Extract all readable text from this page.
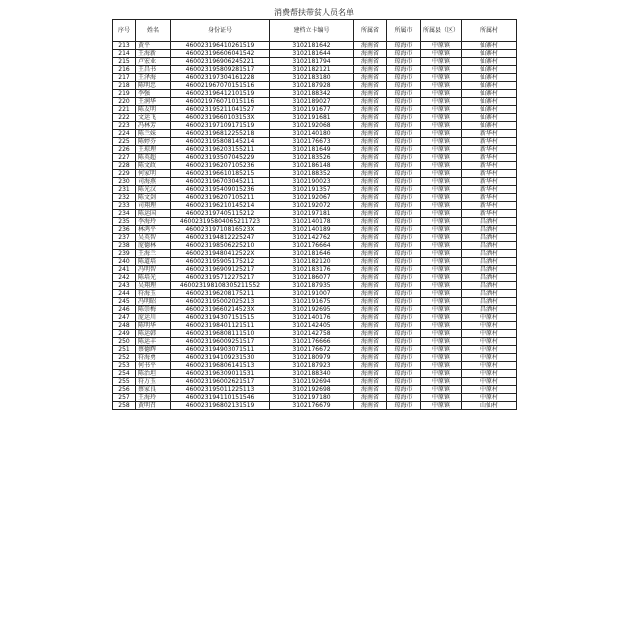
消费帮扶带贫人员名单
序号	姓名	身份证号	建档立卡编号	所属省	所属市	所属县（区）	所属村
213	黄平	460023196410261519	3102181642	海南省	琼海市	中原镇	仙寨村
214	王海新	460023196606041542	3102181644	海南省	琼海市	中原镇	仙寨村
215	卢宏业	460023196906245221	3102181794	海南省	琼海市	中原镇	仙寨村
216	王昌书	460023195809281517	3102182121	海南省	琼海市	中原镇	仙寨村
217	王泽海	460023197304161228	3102183180	海南省	琼海市	中原镇	仙寨村
218	陈明忠	460021967070151516	3102187928	海南省	琼海市	中原镇	仙寨村
219	李强	460023196412101519	3102188342	海南省	琼海市	中原镇	仙寨村
220	王润华	460021976071015116	3102189027	海南省	琼海市	中原镇	仙寨村
221	陈友明	460023195211041527	3102191677	海南省	琼海市	中原镇	仙寨村
222	文运飞	46002319660103153X	3102191681	海南省	琼海市	中原镇	仙寨村
223	冯林芳	460023197109171519	3102192068	海南省	琼海市	中原镇	仙寨村
224	陈兰妹	460023196812255218	3102140180	海南省	琼海市	中原镇	新华村
225	陈婷芬	460023195808145214	3102176673	海南省	琼海市	中原镇	新华村
226	王琼理	460023196203155211	3102181649	海南省	琼海市	中原镇	新华村
227	陈英超	460023193507045229	3102183526	海南省	琼海市	中原镇	新华村
228	陈文政	460023196207105236	3102186148	海南省	琼海市	中原镇	新华村
229	何家明	460023196610185215	3102188352	海南省	琼海市	中原镇	新华村
230	司海燕	460023196703045211	3102190023	海南省	琼海市	中原镇	新华村
231	陈光汉	460023195409015236	3102191357	海南省	琼海市	中原镇	新华村
232	陈文剑	460023196207105211	3102192067	海南省	琼海市	中原镇	新华村
233	司翔理	460023196210145214	3102192072	海南省	琼海市	中原镇	新华村
234	陈运国	460023197405115212	3102197181	海南省	琼海市	中原镇	新华村
235	李海玲	460023195804065211723	3102140178	海南省	琼海市	中原镇	昌洒村
236	林鸿平	46002319710816523X	3102140189	海南省	琼海市	中原镇	昌洒村
237	吴英智	460023194812225247	3102142762	海南省	琼海市	中原镇	昌洒村
238	庞德林	460023198506225210	3102176664	海南省	琼海市	中原镇	昌洒村
239	王海兰	46002319480412522X	3102181646	海南省	琼海市	中原镇	昌洒村
240	陈道培	460023195905175212	3102182120	海南省	琼海市	中原镇	昌洒村
241	冯明智	460023196909125217	3102183176	海南省	琼海市	中原镇	昌洒村
242	陈培光	460023195712275217	3102186077	海南省	琼海市	中原镇	昌洒村
243	吴翔理	460023198108305211552	3102187935	海南省	琼海市	中原镇	昌洒村
244	符海玉	460023196208175211	3102191007	海南省	琼海市	中原镇	昌洒村
245	冯明昭	460023195002025213	3102191675	海南省	琼海市	中原镇	昌洒村
246	陈崇梅	46002319660214523X	3102192695	海南省	琼海市	中原镇	昌洒村
247	庞运川	460023194307151515	3102140176	海南省	琼海市	中原镇	中原村
248	陈明华	460023198401121511	3102142405	海南省	琼海市	中原镇	中原村
249	陈运韩	460023196808111510	3102142758	海南省	琼海市	中原镇	中原村
250	陈运丰	460023196009251517	3102176666	海南省	琼海市	中原镇	中原村
251	蔡德辉	460023194903071511	3102176672	海南省	琼海市	中原镇	中原村
252	符海勇	460023194109231530	3102180979	海南省	琼海市	中原镇	中原村
253	何书平	460023196806141513	3102187923	海南省	琼海市	中原镇	中原村
254	陈治坦	460023196309011531	3102188340	海南省	琼海市	中原镇	中原村
255	符万玉	460023196002621517	3102192694	海南省	琼海市	中原镇	中原村
256	蔡家良	460023195011225113	3102192698	海南省	琼海市	中原镇	中原村
257	王海玲	460023194110151546	3102197180	海南省	琼海市	中原镇	中原村
258	黄明召	460023196802131519	3102176679	海南省	琼海市	中原镇	山仙村
